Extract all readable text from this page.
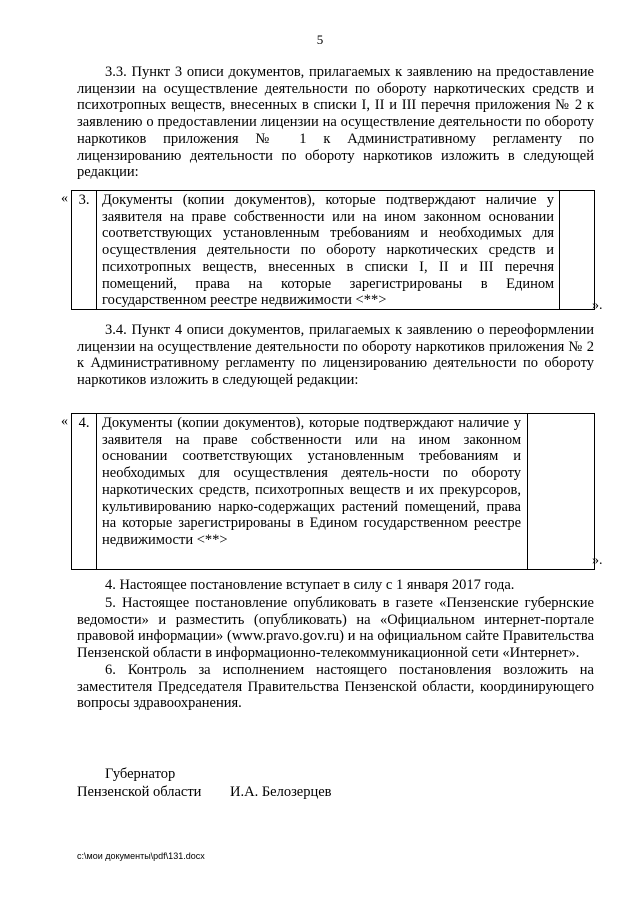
5

3.3. Пункт 3 описи документов, прилагаемых к заявлению на предоставление лицензии на осуществление деятельности по обороту наркотических средств и психотропных веществ, внесенных в списки I, II и III перечня приложения № 2 к заявлению о предоставлении лицензии на осуществление деятельности по обороту наркотиков приложения № 1 к Административному регламенту по лицензированию деятельности по обороту наркотиков изложить в следующей редакции:

« 3.	Документы (копии документов), которые подтверждают наличие у заявителя на праве собственности или на ином законном основании соответствующих установленным требованиям и необходимых для осуществления деятельности по обороту наркотических средств и психотропных веществ, внесенных в списки I, II и III перечня помещений, права на которые зарегистрированы в Едином государственном реестре недвижимости <**>		».

3.4. Пункт 4 описи документов, прилагаемых к заявлению о переоформлении лицензии на осуществление деятельности по обороту наркотиков приложения № 2 к Административному регламенту по лицензированию деятельности по обороту наркотиков изложить в следующей редакции:

« 4.	Документы (копии документов), которые подтверждают наличие у заявителя на праве собственности или на ином законном основании соответствующих установленным требованиям и необходимых для осуществления деятель-ности по обороту наркотических средств, психотропных веществ и их прекурсоров, культивированию нарко-содержащих растений помещений, права на которые зарегистрированы в Едином государственном реестре недвижимости <**>	
».

4. Настоящее постановление вступает в силу с 1 января 2017 года.

5. Настоящее постановление опубликовать в газете «Пензенские губернские ведомости» и разместить (опубликовать) на «Официальном интернет-портале правовой информации» (www.pravo.gov.ru) и на официальном сайте Правительства Пензенской области в информационно-телекоммуникационной сети «Интернет».

6. Контроль за исполнением настоящего постановления возложить на заместителя Председателя Правительства Пензенской области, координирующего вопросы здравоохранения.

Губернатор
Пензенской области И.А. Белозерцев
c:\мои документы\pdf\131.docx
